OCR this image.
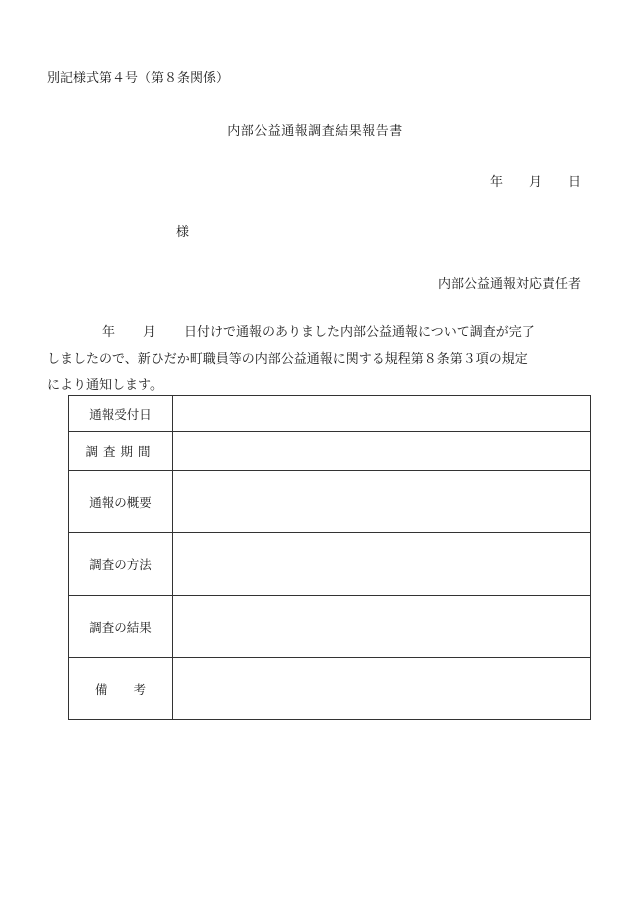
別記様式第４号（第８条関係）
内部公益通報調査結果報告書
年 月 日
様
内部公益通報対応責任者
年 月 日付けで通報のありました内部公益通報について調査が完了
しましたので、新ひだか町職員等の内部公益通報に関する規程第８条第３項の規定
により通知します。
通報受付日	
調査期間	
通報の概要	
調査の方法	
調査の結果	
備 考	
